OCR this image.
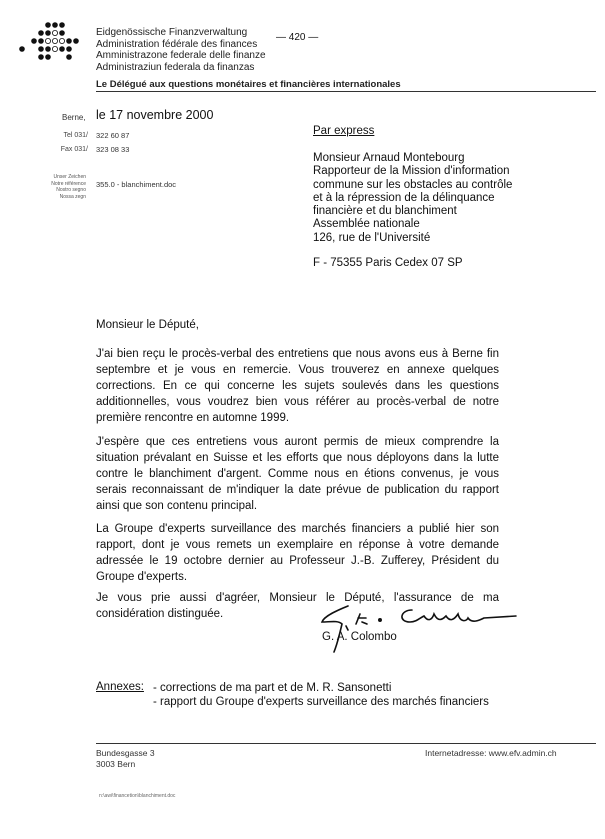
Eidgenössische Finanzverwaltung
Administration fédérale des finances
Amministrazone federale delle finanze
Administraziun federala da finanzas
— 420 —
Le Délégué aux questions monétaires et financières internationales
Berne, le 17 novembre 2000
Tel 031/ 322 60 87
Fax 031/ 323 08 33
Unser Zeichen
Notre référence
Nostro segno
Nossa zegn
355.0 - blanchiment.doc
Par express
Monsieur Arnaud Montebourg
Rapporteur de la Mission d'information
commune sur les obstacles au contrôle
et à la répression de la délinquance
financière et du blanchiment
Assemblée nationale
126, rue de l'Université
F - 75355 Paris Cedex 07 SP
Monsieur le Député,
J'ai bien reçu le procès-verbal des entretiens que nous avons eus à Berne fin septembre et je vous en remercie. Vous trouverez en annexe quelques corrections. En ce qui concerne les sujets soulevés dans les questions additionnelles, vous voudrez bien vous référer au procès-verbal de notre première rencontre en automne 1999.
J'espère que ces entretiens vous auront permis de mieux comprendre la situation prévalant en Suisse et les efforts que nous déployons dans la lutte contre le blanchiment d'argent. Comme nous en étions convenus, je vous serais reconnaissant de m'indiquer la date prévue de publication du rapport ainsi que son contenu principal.
La Groupe d'experts surveillance des marchés financiers a publié hier son rapport, dont je vous remets un exemplaire en réponse à votre demande adressée le 19 octobre dernier au Professeur J.-B. Zufferey, Président du Groupe d'experts.
Je vous prie aussi d'agréer, Monsieur le Député, l'assurance de ma considération distinguée.
G. A. Colombo
Annexes: - corrections de ma part et de M. R. Sansonetti
- rapport du Groupe d'experts surveillance des marchés financiers
Bundesgasse 3
3003 Bern
Internetadresse: www.efv.admin.ch
n:\awi\financetion\blanchiment.doc
